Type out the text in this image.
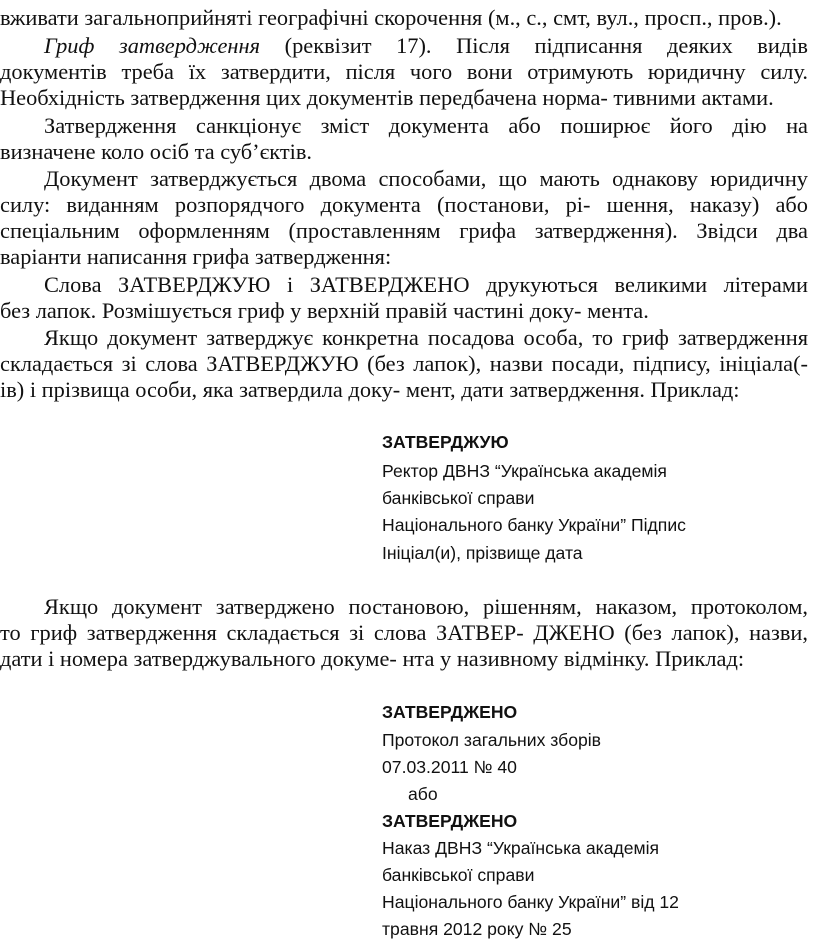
вживати загальноприйняті географічні скорочення (м., с., смт, вул., просп., пров.).
Гриф затвердження (реквізит 17). Після підписання деяких видів
документів треба їх затвердити, після чого вони отримують юридичну силу.
Необхідність затвердження цих документів передбачена норма- тивними актами.
Затвердження санкціонує зміст документа або поширює його дію на
визначене коло осіб та суб’єктів.
Документ затверджується двома способами, що мають однакову юридичну
силу: виданням розпорядчого документа (постанови, рі- шення, наказу) або
спеціальним оформленням (проставленням грифа затвердження). Звідси два
варіанти написання грифа затвердження:
Слова ЗАТВЕРДЖУЮ і ЗАТВЕРДЖЕНО друкуються великими літерами
без лапок. Розмішується гриф у верхній правій частині доку- мента.
Якщо документ затверджує конкретна посадова особа, то гриф затвердження
складається зі слова ЗАТВЕРДЖУЮ (без лапок), назви посади, підпису, ініціала(-
ів) і прізвища особи, яка затвердила доку- мент, дати затвердження. Приклад:
ЗАТВЕРДЖУЮ
Ректор ДВНЗ “Українська академія
банківської справи
Національного банку України” Підпис
Ініціал(и), прізвище дата
Якщо документ затверджено постановою, рішенням, наказом, протоколом,
то гриф затвердження складається зі слова ЗАТВЕР- ДЖЕНО (без лапок), назви,
дати і номера затверджувального докуме- нта у називному відмінку. Приклад:
ЗАТВЕРДЖЕНО
Протокол загальних зборів
07.03.2011 № 40
або
ЗАТВЕРДЖЕНО
Наказ ДВНЗ “Українська академія
банківської справи
Національного банку України” від 12
травня 2012 року № 25
